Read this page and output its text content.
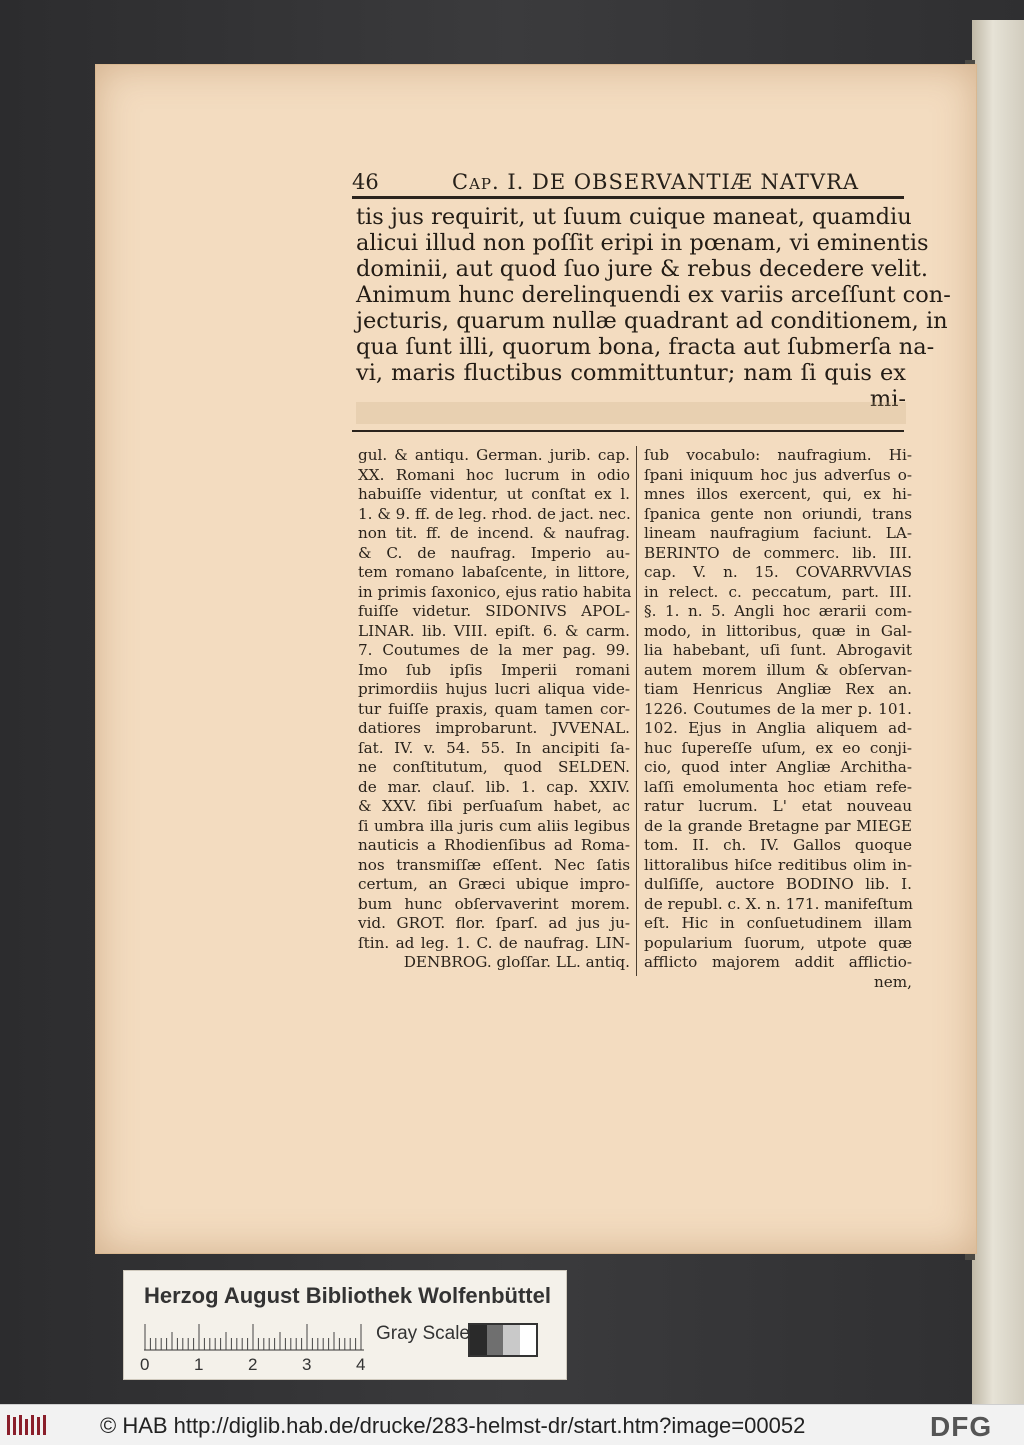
46	Cap. I. DE OBSERVANTIÆ NATVRA
tis jus requirit, ut ſuum cuique maneat, quamdiu
alicui illud non poſſit eripi in pœnam, vi eminentis
dominii, aut quod ſuo jure & rebus decedere velit.
Animum hunc derelinquendi ex variis arceſſunt con-
jecturis, quarum nullæ quadrant ad conditionem, in
qua ſunt illi, quorum bona, fracta aut ſubmerſa na-
vi, maris fluctibus committuntur; nam ſi quis ex
mi-
gul. & antiqu. German. jurib. cap.
XX. Romani hoc lucrum in odio
habuiſſe videntur, ut conſtat ex l.
1. & 9. ff. de leg. rhod. de jact. nec.
non tit. ff. de incend. & naufrag.
& C. de naufrag. Imperio au-
tem romano labaſcente, in littore,
in primis ſaxonico, ejus ratio habita
fuiſſe videtur. SIDONIVS APOL-
LINAR. lib. VIII. epiſt. 6. & carm.
7. Coutumes de la mer pag. 99.
Imo ſub ipſis Imperii romani
primordiis hujus lucri aliqua vide-
tur fuiſſe praxis, quam tamen cor-
datiores improbarunt. JVVENAL.
ſat. IV. v. 54. 55. In ancipiti ſa-
ne conſtitutum, quod SELDEN.
de mar. clauſ. lib. 1. cap. XXIV.
& XXV. ſibi perſuaſum habet, ac
ſi umbra illa juris cum aliis legibus
nauticis a Rhodienſibus ad Roma-
nos transmiſſæ eſſent. Nec ſatis
certum, an Græci ubique impro-
bum hunc obſervaverint morem.
vid. GROT. flor. ſparſ. ad jus ju-
ſtin. ad leg. 1. C. de naufrag. LIN-
DENBROG. gloſſar. LL. antiq.
ſub vocabulo: naufragium. Hi-
ſpani iniquum hoc jus adverſus o-
mnes illos exercent, qui, ex hi-
ſpanica gente non oriundi, trans
lineam naufragium faciunt. LA-
BERINTO de commerc. lib. III.
cap. V. n. 15. COVARRVVIAS
in relect. c. peccatum, part. III.
§. 1. n. 5. Angli hoc ærarii com-
modo, in littoribus, quæ in Gal-
lia habebant, uſi ſunt. Abrogavit
autem morem illum & obſervan-
tiam Henricus Angliæ Rex an.
1226. Coutumes de la mer p. 101.
102. Ejus in Anglia aliquem ad-
huc ſupereſſe uſum, ex eo conji-
cio, quod inter Angliæ Architha-
laſſi emolumenta hoc etiam refe-
ratur lucrum. L' etat nouveau
de la grande Bretagne par MIEGE
tom. II. ch. IV. Gallos quoque
littoralibus hiſce reditibus olim in-
dulſiſſe, auctore BODINO lib. I.
de republ. c. X. n. 171. manifeſtum
eſt. Hic in conſuetudinem illam
popularium ſuorum, utpote quæ
afflicto majorem addit afflictio-
nem,
Herzog August Bibliothek Wolfenbüttel
Gray Scale
0	1	2	3	4
© HAB http://diglib.hab.de/drucke/283-helmst-dr/start.htm?image=00052	DFG
